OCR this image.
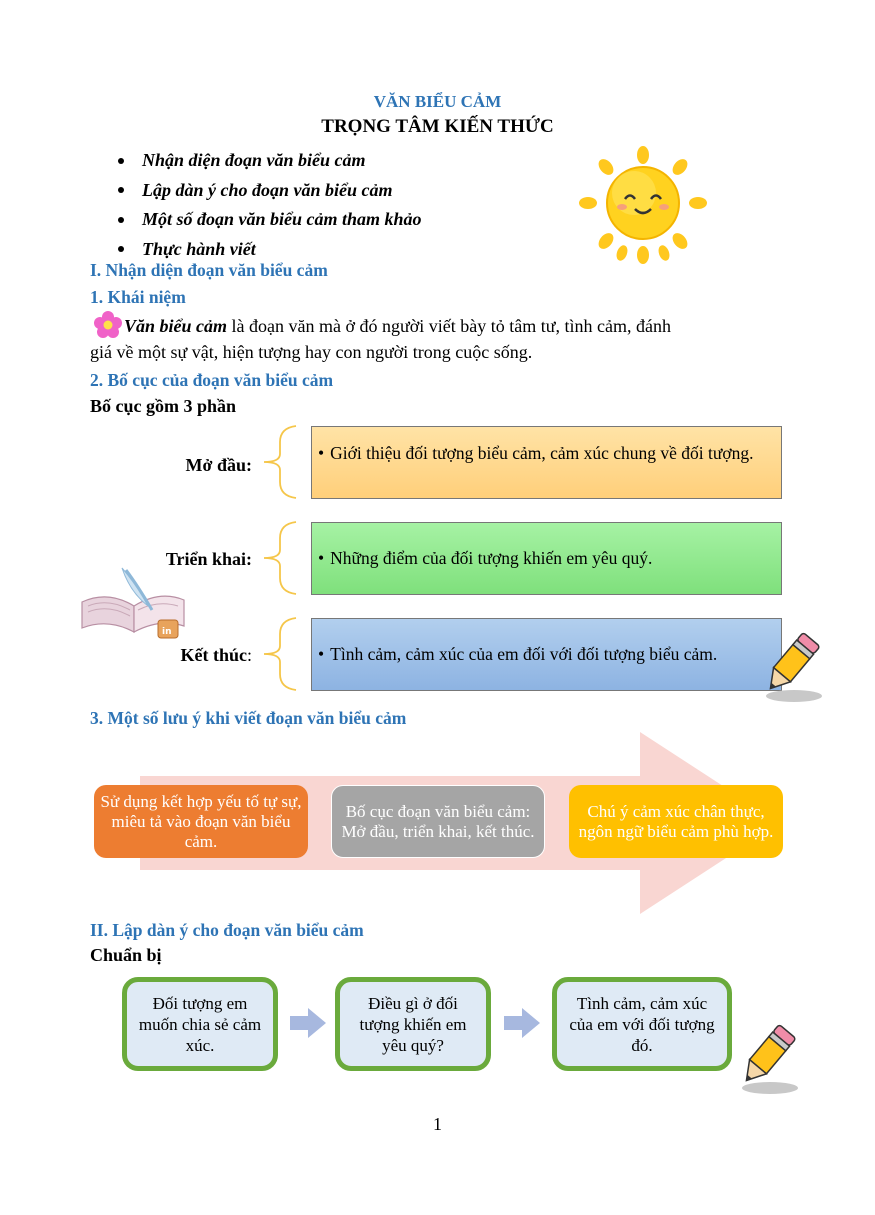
VĂN BIỂU CẢM
TRỌNG TÂM KIẾN THỨC
Nhận diện đoạn văn biểu cảm
Lập dàn ý cho đoạn văn biểu cảm
Một số đoạn văn biểu cảm tham khảo
Thực hành viết
I. Nhận diện đoạn văn biểu cảm
1. Khái niệm
Văn biểu cảm là đoạn văn mà ở đó người viết bày tỏ tâm tư, tình cảm, đánh
giá về một sự vật, hiện tượng hay con người trong cuộc sống.
2. Bố cục của đoạn văn biểu cảm
Bố cục gồm 3 phần
Mở đầu:
Triển khai:
Kết thúc:
• Giới thiệu đối tượng biểu cảm, cảm xúc chung về đối tượng.
• Những điểm của đối tượng khiến em yêu quý.
• Tình cảm, cảm xúc của em đối với đối tượng biểu cảm.
in
3. Một số lưu ý khi viết đoạn văn biểu cảm
Sử dụng kết hợp yếu tố tự sự, miêu tả vào đoạn văn biểu cảm.
Bố cục đoạn văn biểu cảm: Mở đầu, triển khai, kết thúc.
Chú ý cảm xúc chân thực, ngôn ngữ biểu cảm phù hợp.
II. Lập dàn ý cho đoạn văn biểu cảm
Chuẩn bị
Đối tượng em muốn chia sẻ cảm xúc.
Điều gì ở đối tượng khiến em yêu quý?
Tình cảm, cảm xúc của em với đối tượng đó.
1
